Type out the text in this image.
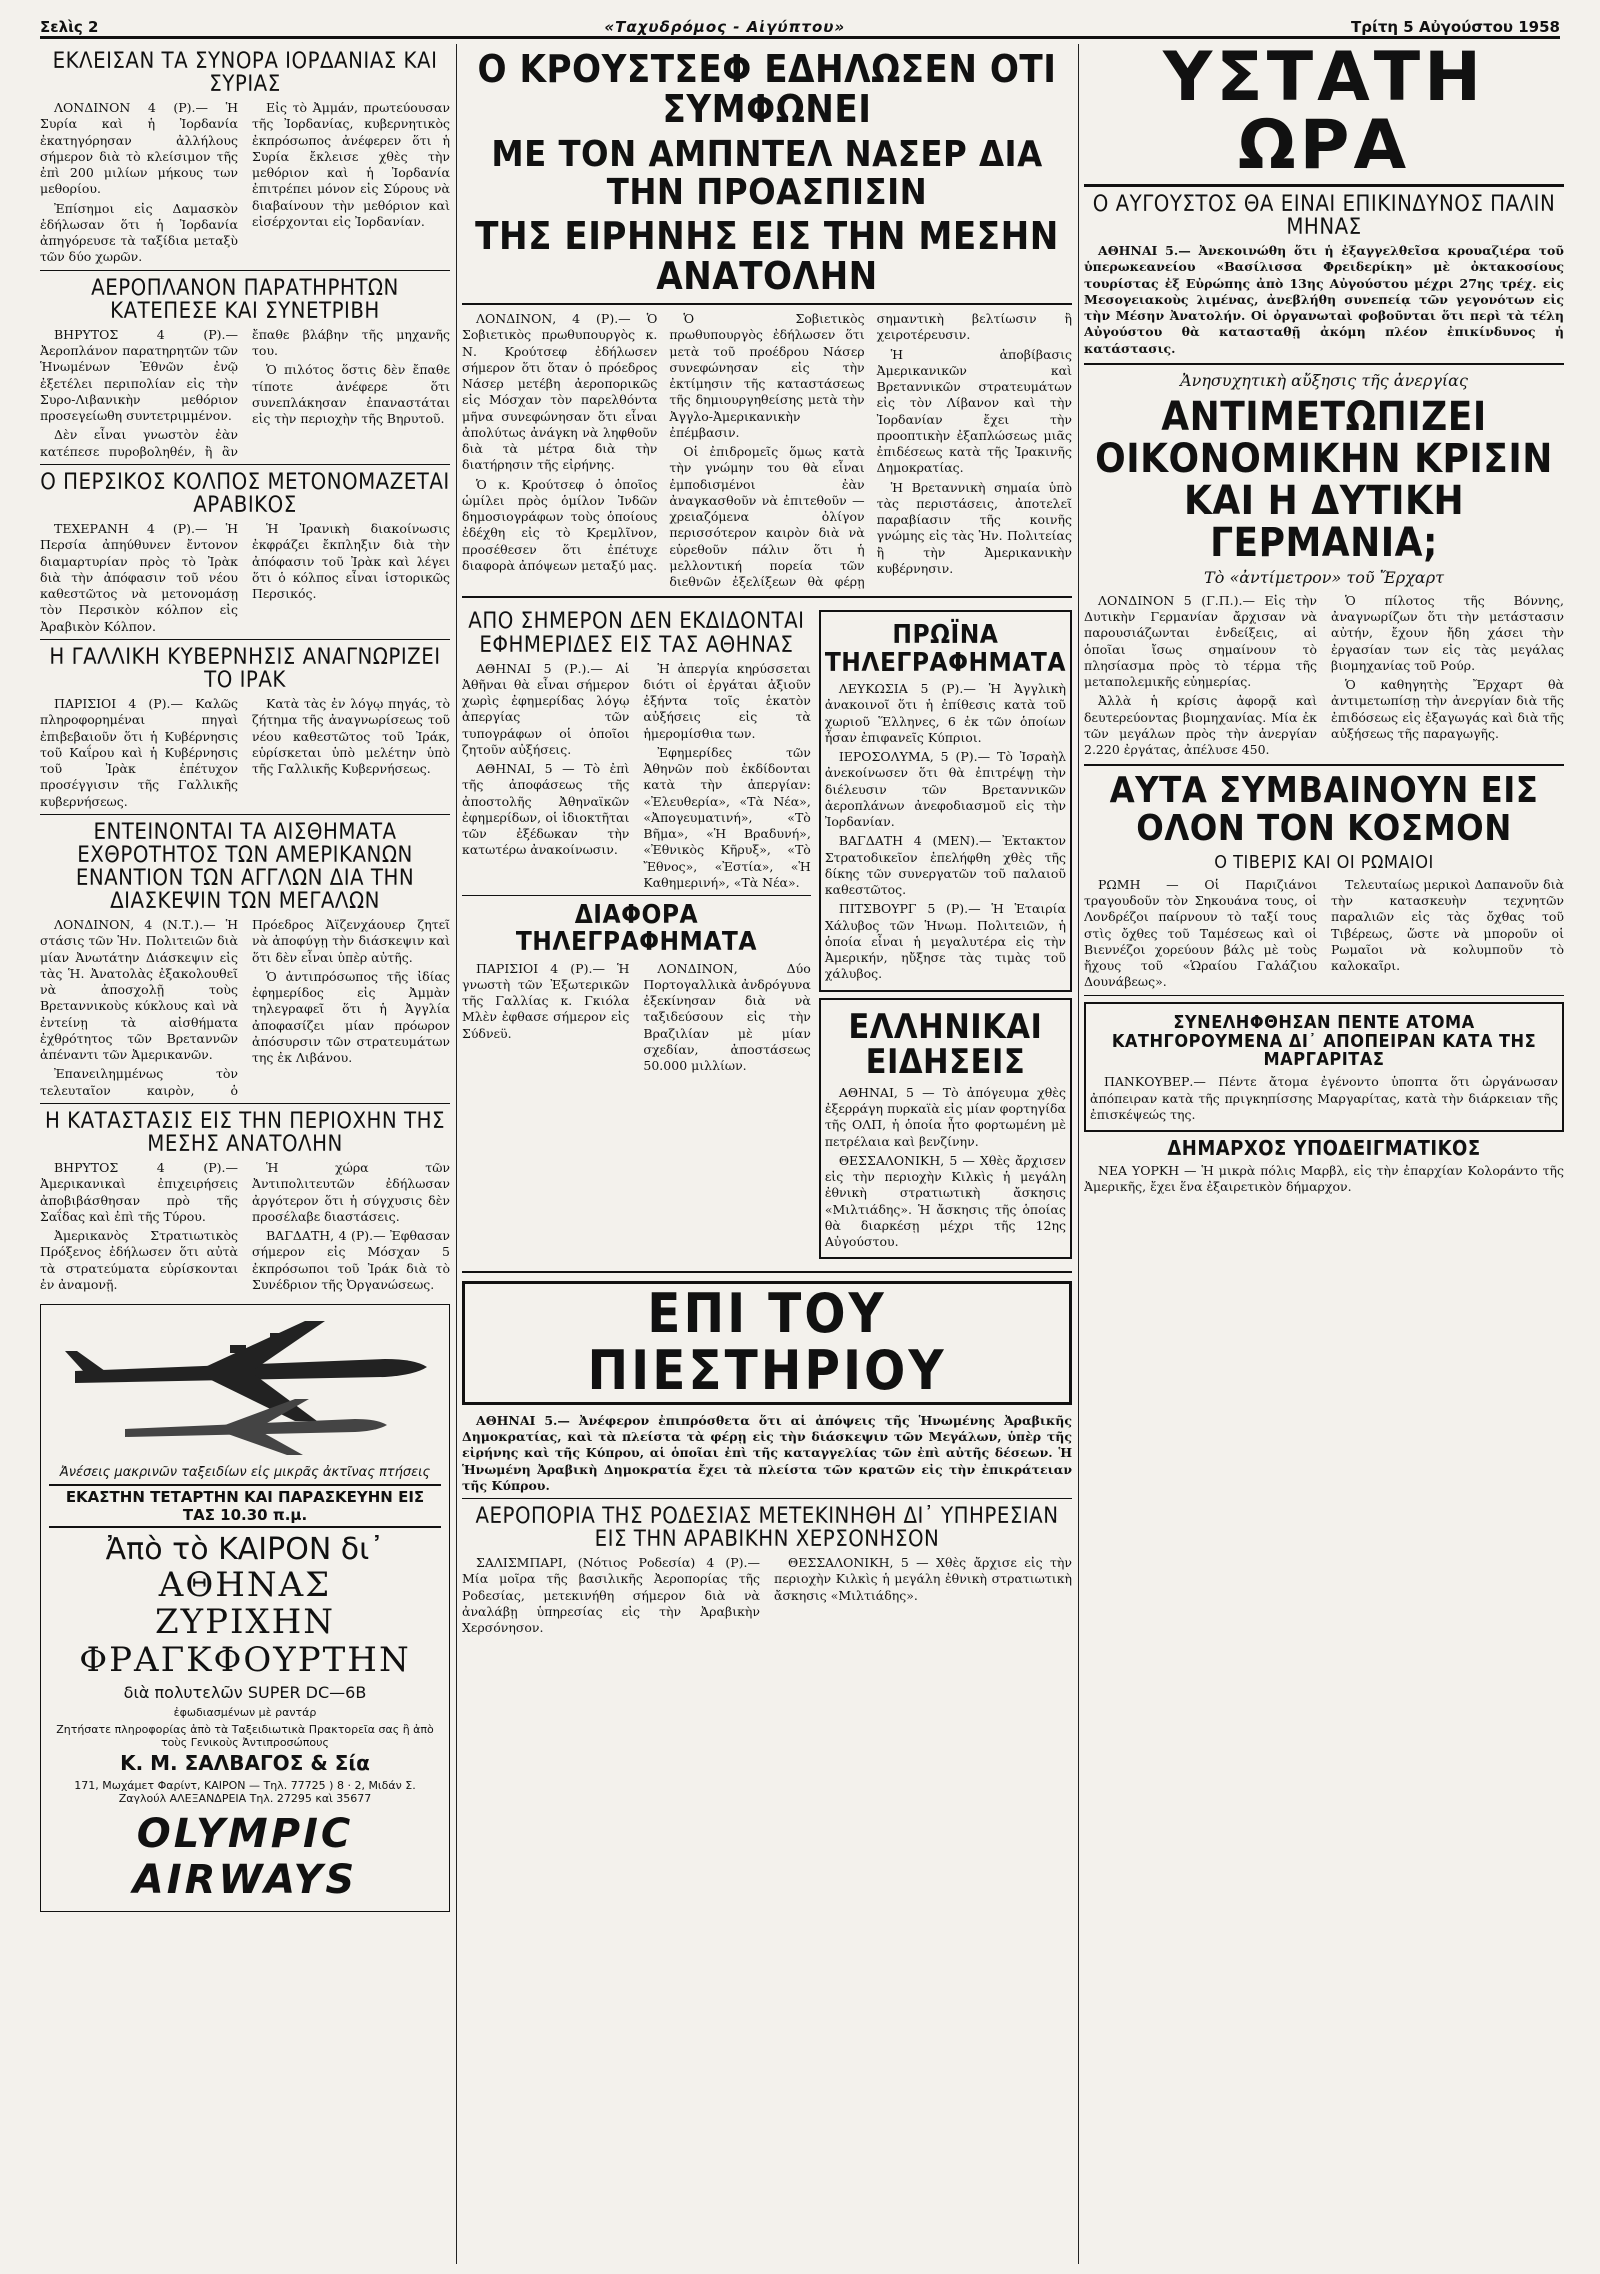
Σελὶς 2	«Ταχυδρόμος - Αἰγύπτου»	Τρίτη 5 Αὐγούστου 1958
ΕΚΛΕΙΣΑΝ ΤΑ ΣΥΝΟΡΑ ΙΟΡΔΑΝΙΑΣ ΚΑΙ ΣΥΡΙΑΣ

ΛΟΝΔΙΝΟΝ 4 (Ρ).— Ἡ Συρία καὶ ἡ Ἰορδανία ἐκατηγόρησαν ἀλλήλους σήμερον διὰ τὸ κλείσιμον τῆς ἐπὶ 200 μιλίων μήκους των μεθορίου.

Ἐπίσημοι εἰς Δαμασκὸν ἐδήλωσαν ὅτι ἡ Ἰορδανία ἀπηγόρευσε τὰ ταξίδια μεταξὺ τῶν δύο χωρῶν.

Εἰς τὸ Ἀμμάν, πρωτεύουσαν τῆς Ἰορδανίας, κυβερνητικὸς ἐκπρόσωπος ἀνέφερεν ὅτι ἡ Συρία ἔκλεισε χθὲς τὴν μεθόριον καὶ ἡ Ἰορδανία ἐπιτρέπει μόνον εἰς Σύρους νὰ διαβαίνουν τὴν μεθόριον καὶ εἰσέρχονται εἰς Ἰορδανίαν.

ΑΕΡΟΠΛΑΝΟΝ ΠΑΡΑΤΗΡΗΤΩΝ ΚΑΤΕΠΕΣΕ ΚΑΙ ΣΥΝΕΤΡΙΒΗ

ΒΗΡΥΤΟΣ 4 (Ρ).— Ἀεροπλάνον παρατηρητῶν τῶν Ἡνωμένων Ἐθνῶν ἐνῷ ἐξετέλει περιπολίαν εἰς τὴν Συρο-Λιβανικὴν μεθόριον προσεγείωθη συντετριμμένον.

Δὲν εἶναι γνωστὸν ἐὰν κατέπεσε πυροβοληθέν, ἢ ἂν ἔπαθε βλάβην τῆς μηχανῆς του.

Ὁ πιλότος ὅστις δὲν ἔπαθε τίποτε ἀνέφερε ὅτι συνεπλάκησαν ἐπαναστάται εἰς τὴν περιοχὴν τῆς Βηρυτοῦ.

Ο ΠΕΡΣΙΚΟΣ ΚΟΛΠΟΣ ΜΕΤΟΝΟΜΑΖΕΤΑΙ ΑΡΑΒΙΚΟΣ

ΤΕΧΕΡΑΝΗ 4 (Ρ).— Ἡ Περσία ἀπηύθυνεν ἔντονον διαμαρτυρίαν πρὸς τὸ Ἰρὰκ διὰ τὴν ἀπόφασιν τοῦ νέου καθεστῶτος νὰ μετονομάσῃ τὸν Περσικὸν κόλπον εἰς Ἀραβικὸν Κόλπον.

Ἡ Ἰρανικὴ διακοίνωσις ἐκφράζει ἔκπληξιν διὰ τὴν ἀπόφασιν τοῦ Ἰρὰκ καὶ λέγει ὅτι ὁ κόλπος εἶναι ἱστορικῶς Περσικός.

Η ΓΑΛΛΙΚΗ ΚΥΒΕΡΝΗΣΙΣ ΑΝΑΓΝΩΡΙΖΕΙ ΤΟ ΙΡΑΚ

ΠΑΡΙΣΙΟΙ 4 (Ρ).— Καλῶς πληροφορημέναι πηγαὶ ἐπιβεβαιοῦν ὅτι ἡ Κυβέρνησις τοῦ Καΐρου καὶ ἡ Κυβέρνησις τοῦ Ἰρὰκ ἐπέτυχον προσέγγισιν τῆς Γαλλικῆς κυβερνήσεως.

Κατὰ τὰς ἐν λόγῳ πηγάς, τὸ ζήτημα τῆς ἀναγνωρίσεως τοῦ νέου καθεστῶτος τοῦ Ἰράκ, εὑρίσκεται ὑπὸ μελέτην ὑπὸ τῆς Γαλλικῆς Κυβερνήσεως.

ΕΝΤΕΙΝΟΝΤΑΙ ΤΑ ΑΙΣΘΗΜΑΤΑ ΕΧΘΡΟΤΗΤΟΣ ΤΩΝ ΑΜΕΡΙΚΑΝΩΝ ΕΝΑΝΤΙΟΝ ΤΩΝ ΑΓΓΛΩΝ ΔΙΑ ΤΗΝ ΔΙΑΣΚΕΨΙΝ ΤΩΝ ΜΕΓΑΛΩΝ

ΛΟΝΔΙΝΟΝ, 4 (Ν.Τ.).— Ἡ στάσις τῶν Ἡν. Πολιτειῶν διὰ μίαν Ἀνωτάτην Διάσκεψιν εἰς τὰς Ἡ. Ἀνατολὰς ἐξακολουθεῖ νὰ ἀποσχολῇ τοὺς Βρεταννικοὺς κύκλους καὶ νὰ ἐντείνῃ τὰ αἰσθήματα ἐχθρότητος τῶν Βρεταννῶν ἀπέναντι τῶν Ἀμερικανῶν.

Ἐπανειλημμένως τὸν τελευταῖον καιρὸν, ὁ Πρόεδρος Ἀϊζενχάουερ ζητεῖ νὰ ἀποφύγῃ τὴν διάσκεψιν καὶ ὅτι δὲν εἶναι ὑπὲρ αὐτῆς.

Ὁ ἀντιπρόσωπος τῆς ἰδίας ἐφημερίδος εἰς Ἀμμὰν τηλεγραφεῖ ὅτι ἡ Ἀγγλία ἀποφασίζει μίαν πρόωρον ἀπόσυρσιν τῶν στρατευμάτων της ἐκ Λιβάνου.

Η ΚΑΤΑΣΤΑΣΙΣ ΕΙΣ ΤΗΝ ΠΕΡΙΟΧΗΝ ΤΗΣ ΜΕΣΗΣ ΑΝΑΤΟΛΗΝ

ΒΗΡΥΤΟΣ 4 (Ρ).— Ἀμερικανικαὶ ἐπιχειρήσεις ἀποβιβάσθησαν πρὸ τῆς Σαΐδας καὶ ἐπὶ τῆς Τύρου.

Ἀμερικανὸς Στρατιωτικὸς Πρόξενος ἐδήλωσεν ὅτι αὐτὰ τὰ στρατεύματα εὑρίσκονται ἐν ἀναμονῇ.

Ἡ χώρα τῶν Ἀντιπολιτευτῶν ἐδήλωσαν ἀργότερον ὅτι ἡ σύγχυσις δὲν προσέλαβε διαστάσεις.

ΒΑΓΔΑΤΗ, 4 (Ρ).— Ἐφθασαν σήμερον εἰς Μόσχαν 5 ἐκπρόσωποι τοῦ Ἰράκ διὰ τὸ Συνέδριον τῆς Ὀργανώσεως.

Ἀνέσεις μακρινῶν ταξειδίων εἰς μικρᾶς ἀκτῖνας πτήσεις
ΕΚΑΣΤΗΝ ΤΕΤΑΡΤΗΝ ΚΑΙ ΠΑΡΑΣΚΕΥΗΝ ΕΙΣ ΤΑΣ 10.30 π.μ.
Ἀπὸ τὸ ΚΑΙΡΟΝ δι᾿
ΑΘΗΝΑΣ
ΖΥΡΙΧΗΝ
ΦΡΑΓΚΦΟΥΡΤΗΝ
διὰ πολυτελῶν SUPER DC—6B
ἐφωδιασμένων μὲ ραντάρ
Ζητήσατε πληροφορίας ἀπὸ τὰ Ταξειδιωτικὰ Πρακτορεῖα σας ἢ ἀπὸ τοὺς Γενικοὺς Ἀντιπροσώπους
Κ. Μ. ΣΑΛΒΑΓΟΣ & Σία
171, Μωχάμετ Φαρίντ, ΚΑΙΡΟΝ — Τηλ. 77725 ) 8 · 2, Μιδάν Σ. Ζαγλούλ ΑΛΕΞΑΝΔΡΕΙΑ Τηλ. 27295 καὶ 35677
OLYMPIC AIRWAYS
Ο ΚΡΟΥΣΤΣΕΦ ΕΔΗΛΩΣΕΝ ΟΤΙ ΣΥΜΦΩΝΕΙ
ΜΕ ΤΟΝ ΑΜΠΝΤΕΛ ΝΑΣΕΡ ΔΙΑ ΤΗΝ ΠΡΟΑΣΠΙΣΙΝ
ΤΗΣ ΕΙΡΗΝΗΣ ΕΙΣ ΤΗΝ ΜΕΣΗΝ ΑΝΑΤΟΛΗΝ

ΛΟΝΔΙΝΟΝ, 4 (Ρ).— Ὁ Σοβιετικὸς πρωθυπουργὸς κ. Ν. Κρούτσεφ ἐδήλωσεν σήμερον ὅτι ὅταν ὁ πρόεδρος Νάσερ μετέβη ἀεροπορικῶς εἰς Μόσχαν τὸν παρελθόντα μῆνα συνεφώνησαν ὅτι εἶναι ἀπολύτως ἀνάγκη νὰ ληφθοῦν διὰ τὰ μέτρα διὰ τὴν διατήρησιν τῆς εἰρήνης.

Ὁ κ. Κρούτσεφ ὁ ὁποῖος ὡμίλει πρὸς ὁμίλον Ἰνδῶν δημοσιογράφων τοὺς ὁποίους ἐδέχθη εἰς τὸ Κρεμλῖνον, προσέθεσεν ὅτι ἐπέτυχε διαφορὰ ἀπόψεων μεταξύ μας.

Ὁ Σοβιετικὸς πρωθυπουργὸς ἐδήλωσεν ὅτι μετὰ τοῦ προέδρου Νάσερ συνεφώνησαν εἰς τὴν ἐκτίμησιν τῆς καταστάσεως τῆς δημιουργηθείσης μετὰ τὴν Ἀγγλο-Ἀμερικανικὴν ἐπέμβασιν.

Οἱ ἐπιδρομεῖς ὅμως κατὰ τὴν γνώμην του θὰ εἶναι ἐμποδισμένοι ἐὰν ἀναγκασθοῦν νὰ ἐπιτεθοῦν — χρειαζόμενα ὀλίγον περισσότερον καιρὸν διὰ νὰ εὑρεθοῦν πάλιν ὅτι ἡ μελλοντική πορεία τῶν διεθνῶν ἐξελίξεων θὰ φέρῃ σημαντικὴ βελτίωσιν ἢ χειροτέρευσιν.

Ἡ ἀποβίβασις Ἀμερικανικῶν καὶ Βρεταννικῶν στρατευμάτων εἰς τὸν Λίβανον καὶ τὴν Ἰορδανίαν ἔχει τὴν προοπτικὴν ἐξαπλώσεως μιᾶς ἐπιδέσεως κατὰ τῆς Ἰρακινῆς Δημοκρατίας.

Ἡ Βρεταννικὴ σημαία ὑπὸ τὰς περιστάσεις, ἀποτελεῖ παραβίασιν τῆς κοινῆς γνώμης εἰς τὰς Ἡν. Πολιτείας ἢ τὴν Ἀμερικανικὴν κυβέρνησιν.

ΑΠΟ ΣΗΜΕΡΟΝ ΔΕΝ ΕΚΔΙΔΟΝΤΑΙ ΕΦΗΜΕΡΙΔΕΣ ΕΙΣ ΤΑΣ ΑΘΗΝΑΣ

ΑΘΗΝΑΙ 5 (Ρ.).— Αἱ Ἀθῆναι θὰ εἶναι σήμερον χωρὶς ἐφημερίδας λόγῳ ἀπεργίας τῶν τυπογράφων οἱ ὁποῖοι ζητοῦν αὐξήσεις.

ΑΘΗΝΑΙ, 5 — Τὸ ἐπὶ τῆς ἀποφάσεως τῆς ἀποστολῆς Ἀθηναϊκῶν ἐφημερίδων, οἱ ἰδιοκτῆται τῶν ἐξέδωκαν τὴν κατωτέρω ἀνακοίνωσιν.

Ἡ ἀπεργία κηρύσσεται διότι οἱ ἐργάται ἀξιοῦν ἐξήντα τοῖς ἑκατὸν αὐξήσεις εἰς τὰ ἡμερομίσθια των.

Ἐφημερίδες τῶν Ἀθηνῶν ποὺ ἐκδίδονται κατὰ τὴν ἀπεργίαν: «Ἐλευθερία», «Τὰ Νέα», «Ἀπογευματινή», «Τὸ Βῆμα», «Ἡ Βραδυνή», «Ἐθνικὸς Κῆρυξ», «Τὸ Ἔθνος», «Ἐστία», «Ἡ Καθημερινή», «Τὰ Νέα».

ΔΙΑΦΟΡΑ ΤΗΛΕΓΡΑΦΗΜΑΤΑ

ΠΑΡΙΣΙΟΙ 4 (Ρ).— Ἡ γνωστὴ τῶν Ἐξωτερικῶν τῆς Γαλλίας κ. Γκιόλα Μλὲν ἐφθασε σήμερον εἰς Σύδνεϋ.

ΛΟΝΔΙΝΟΝ, Δύο Πορτογαλλικὰ ἀνδρόγυνα ἐξεκίνησαν διὰ νὰ ταξιδεύσουν εἰς τὴν Βραζιλίαν μὲ μίαν σχεδίαν, ἀποστάσεως 50.000 μιλλίων.

ΠΡΩΪΝΑ ΤΗΛΕΓΡΑΦΗΜΑΤΑ

ΛΕΥΚΩΣΙΑ 5 (Ρ).— Ἡ Ἀγγλικὴ ἀνακοινοῖ ὅτι ἡ ἐπίθεσις κατὰ τοῦ χωριοῦ Ἕλληνες, 6 ἐκ τῶν ὁποίων ἦσαν ἐπιφανεῖς Κύπριοι.

ΙΕΡΟΣΟΛΥΜΑ, 5 (Ρ).— Τὸ Ἰσραὴλ ἀνεκοίνωσεν ὅτι θὰ ἐπιτρέψῃ τὴν διέλευσιν τῶν Βρεταννικῶν ἀεροπλάνων ἀνεφοδιασμοῦ εἰς τὴν Ἰορδανίαν.

ΒΑΓΔΑΤΗ 4 (ΜΕΝ).— Ἐκτακτον Στρατοδικεῖον ἐπελήφθη χθὲς τῆς δίκης τῶν συνεργατῶν τοῦ παλαιοῦ καθεστῶτος.

ΠΙΤΣΒΟΥΡΓ 5 (Ρ).— Ἡ Ἑταιρία Χάλυβος τῶν Ἡνωμ. Πολιτειῶν, ἡ ὁποία εἶναι ἡ μεγαλυτέρα εἰς τὴν Ἀμερικήν, ηὔξησε τὰς τιμὰς τοῦ χάλυβος.

ΕΛΛΗΝΙΚΑΙ ΕΙΔΗΣΕΙΣ

ΑΘΗΝΑΙ, 5 — Τὸ ἀπόγευμα χθὲς ἐξερράγη πυρκαϊὰ εἰς μίαν φορτηγίδα τῆς ΟΛΠ, ἡ ὁποία ἦτο φορτωμένη μὲ πετρέλαια καὶ βενζίνην.

ΘΕΣΣΑΛΟΝΙΚΗ, 5 — Χθὲς ἄρχισεν εἰς τὴν περιοχὴν Κιλκὶς ἡ μεγάλη ἐθνικὴ στρατιωτικὴ ἄσκησις «Μιλτιάδης». Ἡ ἄσκησις τῆς ὁποίας θὰ διαρκέσῃ μέχρι τῆς 12ης Αὐγούστου.

ΕΠΙ ΤΟΥ ΠΙΕΣΤΗΡΙΟΥ

ΑΘΗΝΑΙ 5.— Ἀνέφερον ἐπιπρόσθετα ὅτι αἱ ἀπόψεις τῆς Ἡνωμένης Ἀραβικῆς Δημοκρατίας, καὶ τὰ πλείστα τὰ φέρῃ εἰς τὴν διάσκεψιν τῶν Μεγάλων, ὑπὲρ τῆς εἰρήνης καὶ τῆς Κύπρου, αἱ ὁποῖαι ἐπὶ τῆς καταγγελίας τῶν ἐπὶ αὐτῆς δέσεων. Ἡ Ἡνωμένη Ἀραβικὴ Δημοκρατία ἔχει τὰ πλείστα τῶν κρατῶν εἰς τὴν ἐπικράτειαν τῆς Κύπρου.

ΑΕΡΟΠΟΡΙΑ ΤΗΣ ΡΟΔΕΣΙΑΣ ΜΕΤΕΚΙΝΗΘΗ ΔΙ᾿ ΥΠΗΡΕΣΙΑΝ ΕΙΣ ΤΗΝ ΑΡΑΒΙΚΗΝ ΧΕΡΣΟΝΗΣΟΝ

ΣΑΛΙΣΜΠΑΡΙ, (Νότιος Ροδεσία) 4 (Ρ).— Μία μοῖρα τῆς βασιλικῆς Ἀεροπορίας τῆς Ροδεσίας, μετεκινήθη σήμερον διὰ νὰ ἀναλάβῃ ὑπηρεσίας εἰς τὴν Ἀραβικὴν Χερσόνησον.

ΘΕΣΣΑΛΟΝΙΚΗ, 5 — Χθὲς ἄρχισε εἰς τὴν περιοχὴν Κιλκὶς ἡ μεγάλη ἐθνικὴ στρατιωτικὴ ἄσκησις «Μιλτιάδης».

ΥΣΤΑΤΗ ΩΡΑ
Ο ΑΥΓΟΥΣΤΟΣ ΘΑ ΕΙΝΑΙ ΕΠΙΚΙΝΔΥΝΟΣ ΠΑΛΙΝ ΜΗΝΑΣ

ΑΘΗΝΑΙ 5.— Ἀνεκοινώθη ὅτι ἡ ἐξαγγελθεῖσα κρουαζιέρα τοῦ ὑπερωκεανείου «Βασίλισσα Φρειδερίκη» μὲ ὀκτακοσίους τουρίστας ἐξ Εὐρώπης ἀπὸ 13ης Αὐγούστου μέχρι 27ης τρέχ. εἰς Μεσογειακοὺς λιμένας, ἀνεβλήθη συνεπείᾳ τῶν γεγονότων εἰς τὴν Μέσην Ἀνατολήν. Οἱ ὀργανωταὶ φοβοῦνται ὅτι περὶ τὰ τέλη Αὐγούστου θὰ κατασταθῇ ἀκόμη πλέον ἐπικίνδυνος ἡ κατάστασις.

Ἀνησυχητικὴ αὔξησις τῆς ἀνεργίας
ΑΝΤΙΜΕΤΩΠΙΖΕΙ ΟΙΚΟΝΟΜΙΚΗΝ ΚΡΙΣΙΝ ΚΑΙ Η ΔΥΤΙΚΗ ΓΕΡΜΑΝΙΑ;
Τὸ «ἀντίμετρον» τοῦ Ἔρχαρτ

ΛΟΝΔΙΝΟΝ 5 (Γ.Π.).— Εἰς τὴν Δυτικὴν Γερμανίαν ἄρχισαν νὰ παρουσιάζωνται ἐνδείξεις, αἱ ὁποῖαι ἴσως σημαίνουν τὸ πλησίασμα πρὸς τὸ τέρμα τῆς μεταπολεμικῆς εὐημερίας.

Ἀλλὰ ἡ κρίσις ἀφορᾷ καὶ δευτερεύοντας βιομηχανίας. Μία ἐκ τῶν μεγάλων πρὸς τὴν ἀνεργίαν 2.220 ἐργάτας, ἀπέλυσε 450.

Ὁ πίλοτος τῆς Βόννης, ἀναγνωρίζων ὅτι τὴν μετάστασιν αὐτήν, ἔχουν ἤδη χάσει τὴν ἐργασίαν των εἰς τὰς μεγάλας βιομηχανίας τοῦ Ρούρ.

Ὁ καθηγητὴς Ἔρχαρτ θὰ ἀντιμετωπίσῃ τὴν ἀνεργίαν διὰ τῆς ἐπιδόσεως εἰς ἐξαγωγάς καὶ διὰ τῆς αὐξήσεως τῆς παραγωγῆς.

ΑΥΤΑ ΣΥΜΒΑΙΝΟΥΝ ΕΙΣ ΟΛΟΝ ΤΟΝ ΚΟΣΜΟΝ
Ο ΤΙΒΕΡΙΣ ΚΑΙ ΟΙ ΡΩΜΑΙΟΙ

ΡΩΜΗ — Οἱ Παριζιάνοι τραγουδοῦν τὸν Σηκουάνα τους, οἱ Λονδρέζοι παίρνουν τὸ ταξί τους στὶς ὄχθες τοῦ Ταμέσεως καὶ οἱ Βιεννέζοι χορεύουν βάλς μὲ τοὺς ἤχους τοῦ «Ὡραίου Γαλάζιου Δουνάβεως».

Τελευταίως μερικοὶ Δαπανοῦν διὰ τὴν κατασκευὴν τεχνητῶν παραλιῶν εἰς τὰς ὄχθας τοῦ Τιβέρεως, ὥστε νὰ μποροῦν οἱ Ρωμαῖοι νὰ κολυμποῦν τὸ καλοκαῖρι.

ΣΥΝΕΛΗΦΘΗΣΑΝ ΠΕΝΤΕ ΑΤΟΜΑ ΚΑΤΗΓΟΡΟΥΜΕΝΑ ΔΙ᾿ ΑΠΟΠΕΙΡΑΝ ΚΑΤΑ ΤΗΣ ΜΑΡΓΑΡΙΤΑΣ

ΠΑΝΚΟΥΒΕΡ.— Πέντε ἄτομα ἐγένοντο ὑποπτα ὅτι ὠργάνωσαν ἀπόπειραν κατὰ τῆς πριγκηπίσσης Μαργαρίτας, κατὰ τὴν διάρκειαν τῆς ἐπισκέψεώς της.

ΔΗΜΑΡΧΟΣ ΥΠΟΔΕΙΓΜΑΤΙΚΟΣ

ΝΕΑ ΥΟΡΚΗ — Ἡ μικρὰ πόλις Μαρβλ, εἰς τὴν ἐπαρχίαν Κολοράντο τῆς Ἀμερικῆς, ἔχει ἕνα ἐξαιρετικὸν δήμαρχον.
